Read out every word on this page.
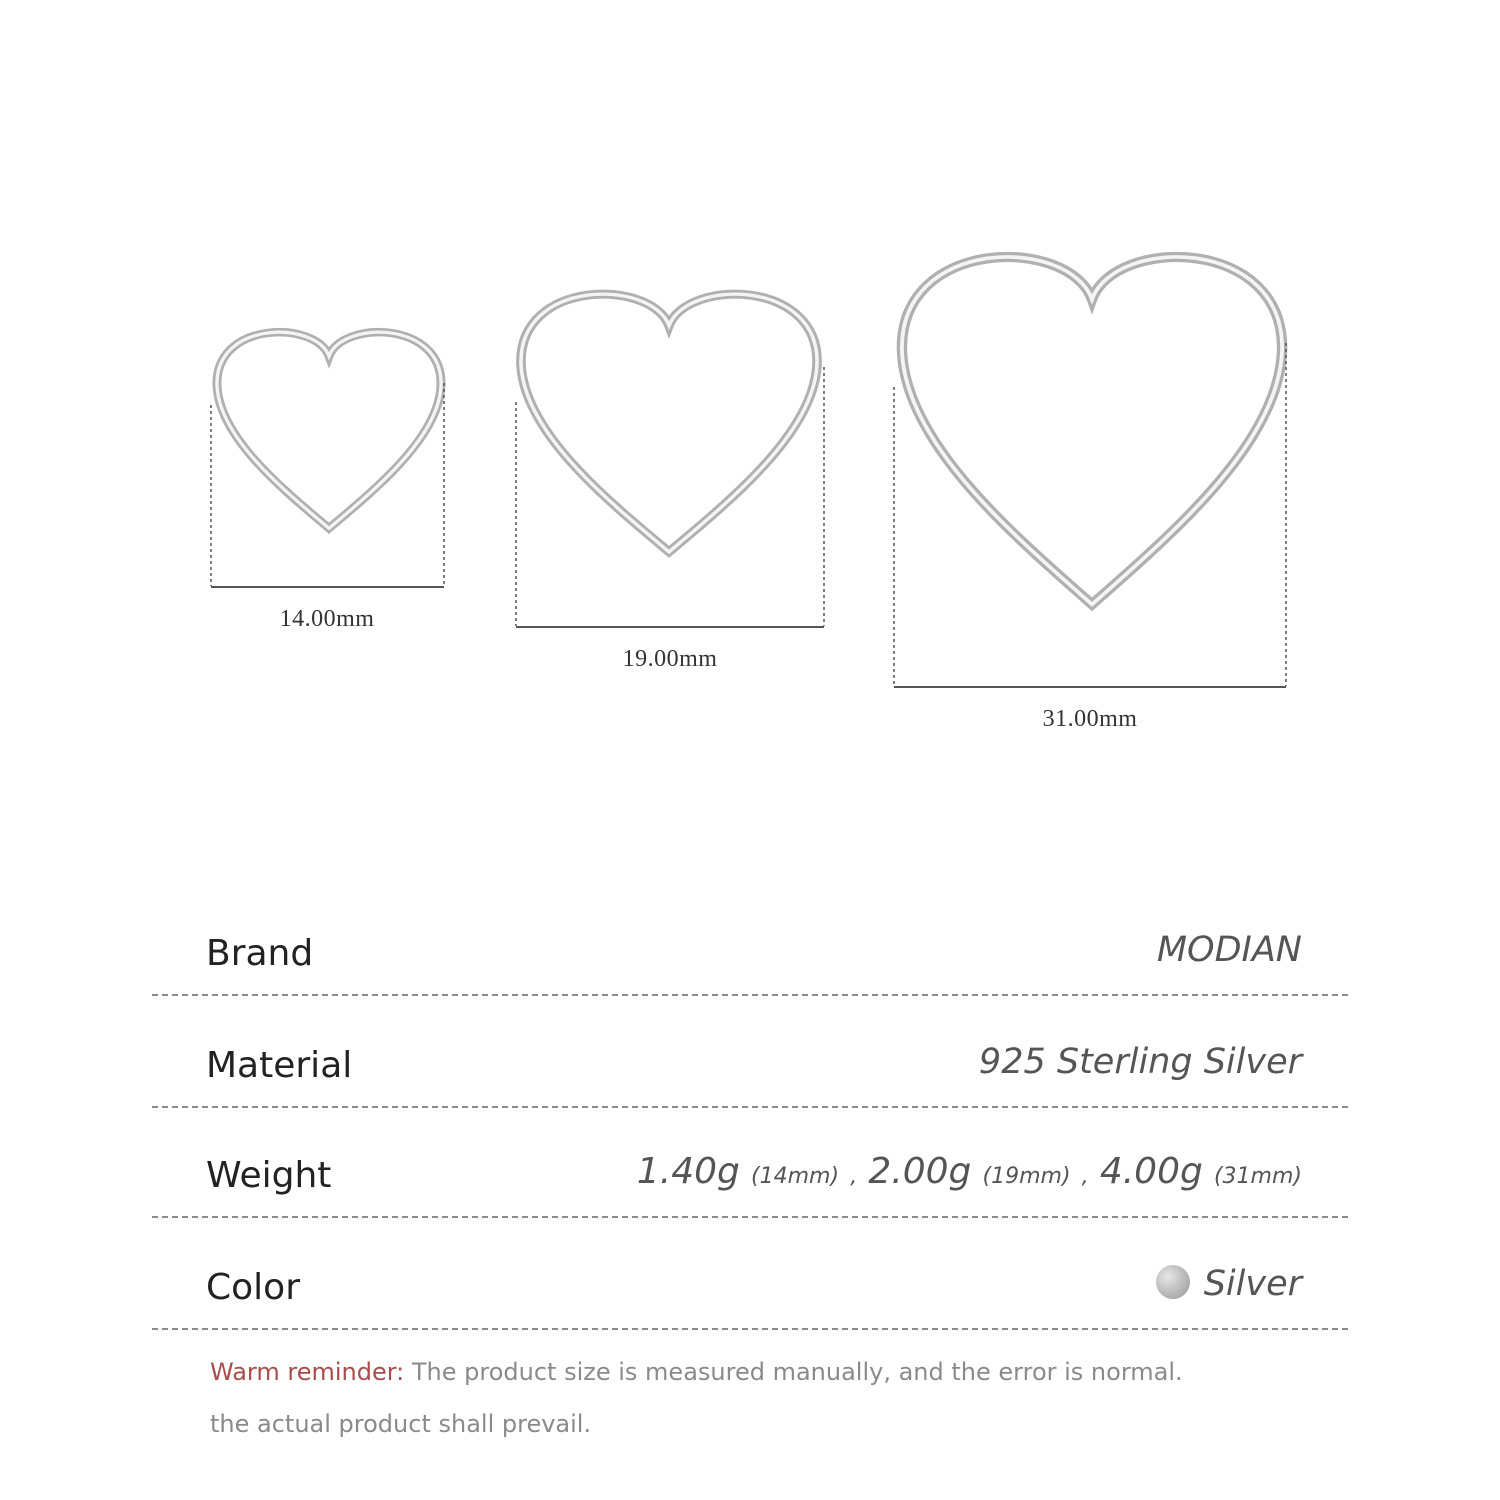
14.00mm
19.00mm
31.00mm
Brand	MODIAN
Material	925 Sterling Silver
Weight	1.40g (14mm) , 2.00g (19mm) , 4.00g (31mm)
Color	Silver
Warm reminder: The product size is measured manually, and the error is normal.
the actual product shall prevail.
